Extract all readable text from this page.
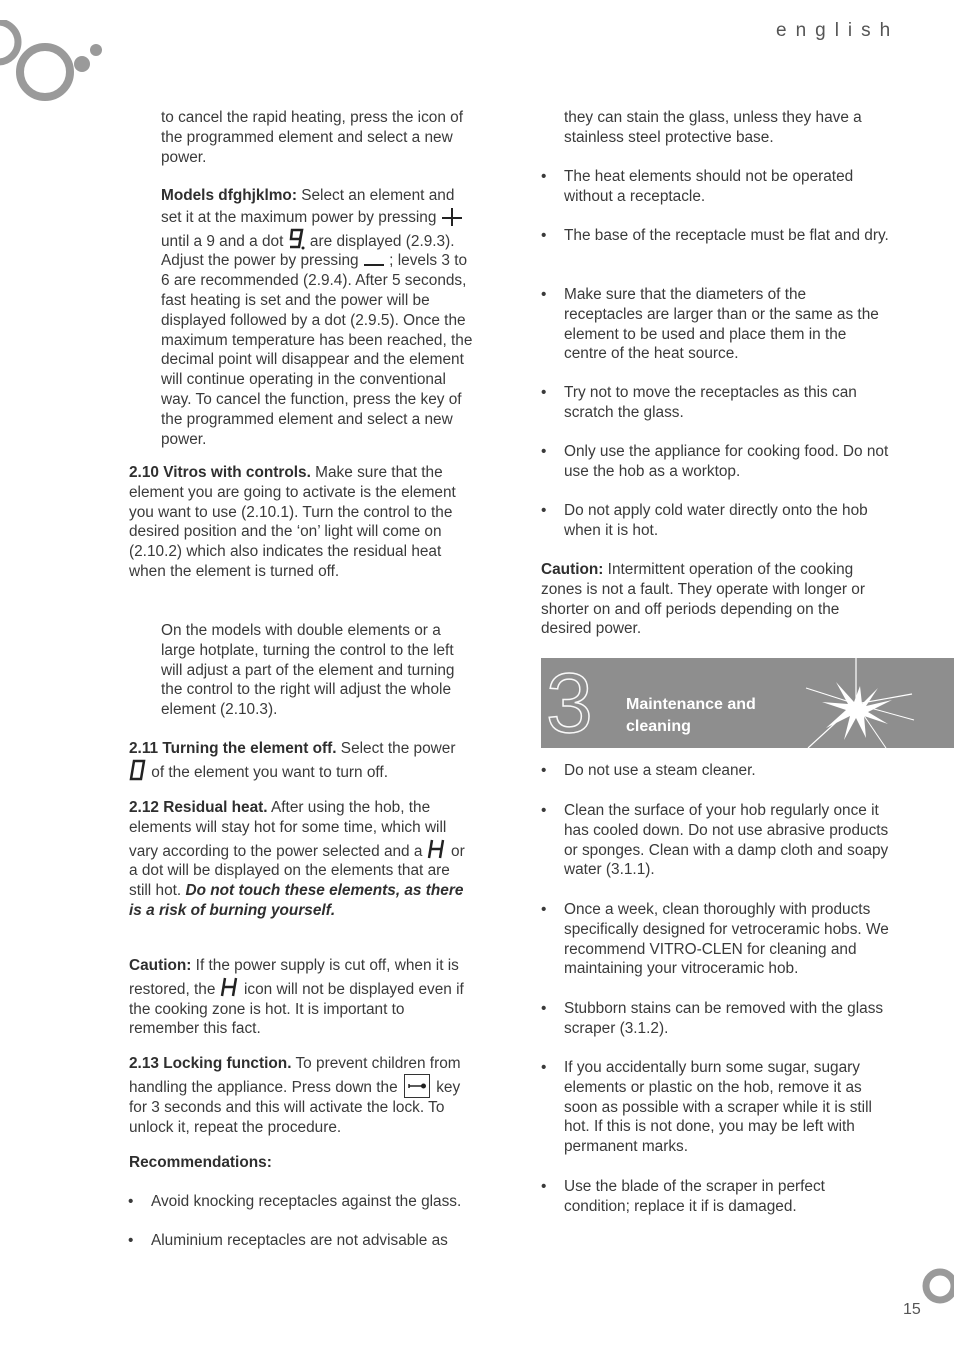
english

to cancel the rapid heating, press the icon of the programmed element and select a new power.

Models dfghjklmo: Select an element and set it at the maximum power by pressing  until a 9 and a dot  are displayed (2.9.3). Adjust the power by pressing  ; levels 3 to 6 are recommended (2.9.4). After 5 seconds, fast heating is set and the power will be displayed followed by a dot (2.9.5). Once the maximum temperature has been reached, the decimal point will disappear and the element will continue operating in the conventional way. To cancel the function, press the key of the programmed element and select a new power.

2.10 Vitros with controls. Make sure that the element you are going to activate is the element you want to use (2.10.1). Turn the control to the desired position and the ‘on’ light will come on (2.10.2) which also indicates the residual heat when the element is turned off.

On the models with double elements or a large hotplate, turning the control to the left will adjust a part of the element and turning the control to the right will adjust the whole element (2.10.3).

2.11 Turning the element off. Select the power  of the element you want to turn off.

2.12 Residual heat. After using the hob, the elements will stay hot for some time, which will vary according to the power selected and a  or a dot will be displayed on the elements that are still hot. Do not touch these elements, as there is a risk of burning yourself.

Caution: If the power supply is cut off, when it is restored, the  icon will not be displayed even if the cooking zone is hot. It is important to remember this fact.

2.13 Locking function. To prevent children from handling the appliance. Press down the
key for 3 seconds and this will activate the lock. To unlock it, repeat the procedure.

Recommendations:

• Avoid knocking receptacles against the glass.
• Aluminium receptacles are not advisable as

they can stain the glass, unless they have a stainless steel protective base.

• The heat elements should not be operated without a receptacle.
• The base of the receptacle must be flat and dry.
• Make sure that the diameters of the receptacles are larger than or the same as the element to be used and place them in the centre of the heat source.
• Try not to move the receptacles as this can scratch the glass.
• Only use the appliance for cooking food. Do not use the hob as a worktop.
• Do not apply cold water directly onto the hob when it is hot.

Caution: Intermittent operation of the cooking zones is not a fault. They operate with longer or shorter on and off periods depending on the desired power.

3 Maintenance and
cleaning
• Do not use a steam cleaner.
• Clean the surface of your hob regularly once it has cooled down. Do not use abrasive products or sponges. Clean with a damp cloth and soapy water (3.1.1).
• Once a week, clean thoroughly with products specifically designed for vetroceramic hobs. We recommend VITRO-CLEN for cleaning and maintaining your vitroceramic hob.
• Stubborn stains can be removed with the glass scraper (3.1.2).
• If you accidentally burn some sugar, sugary elements or plastic on the hob, remove it as soon as possible with a scraper while it is still hot. If this is not done, you may be left with permanent marks.
• Use the blade of the scraper in perfect condition; replace it if is damaged.
15
